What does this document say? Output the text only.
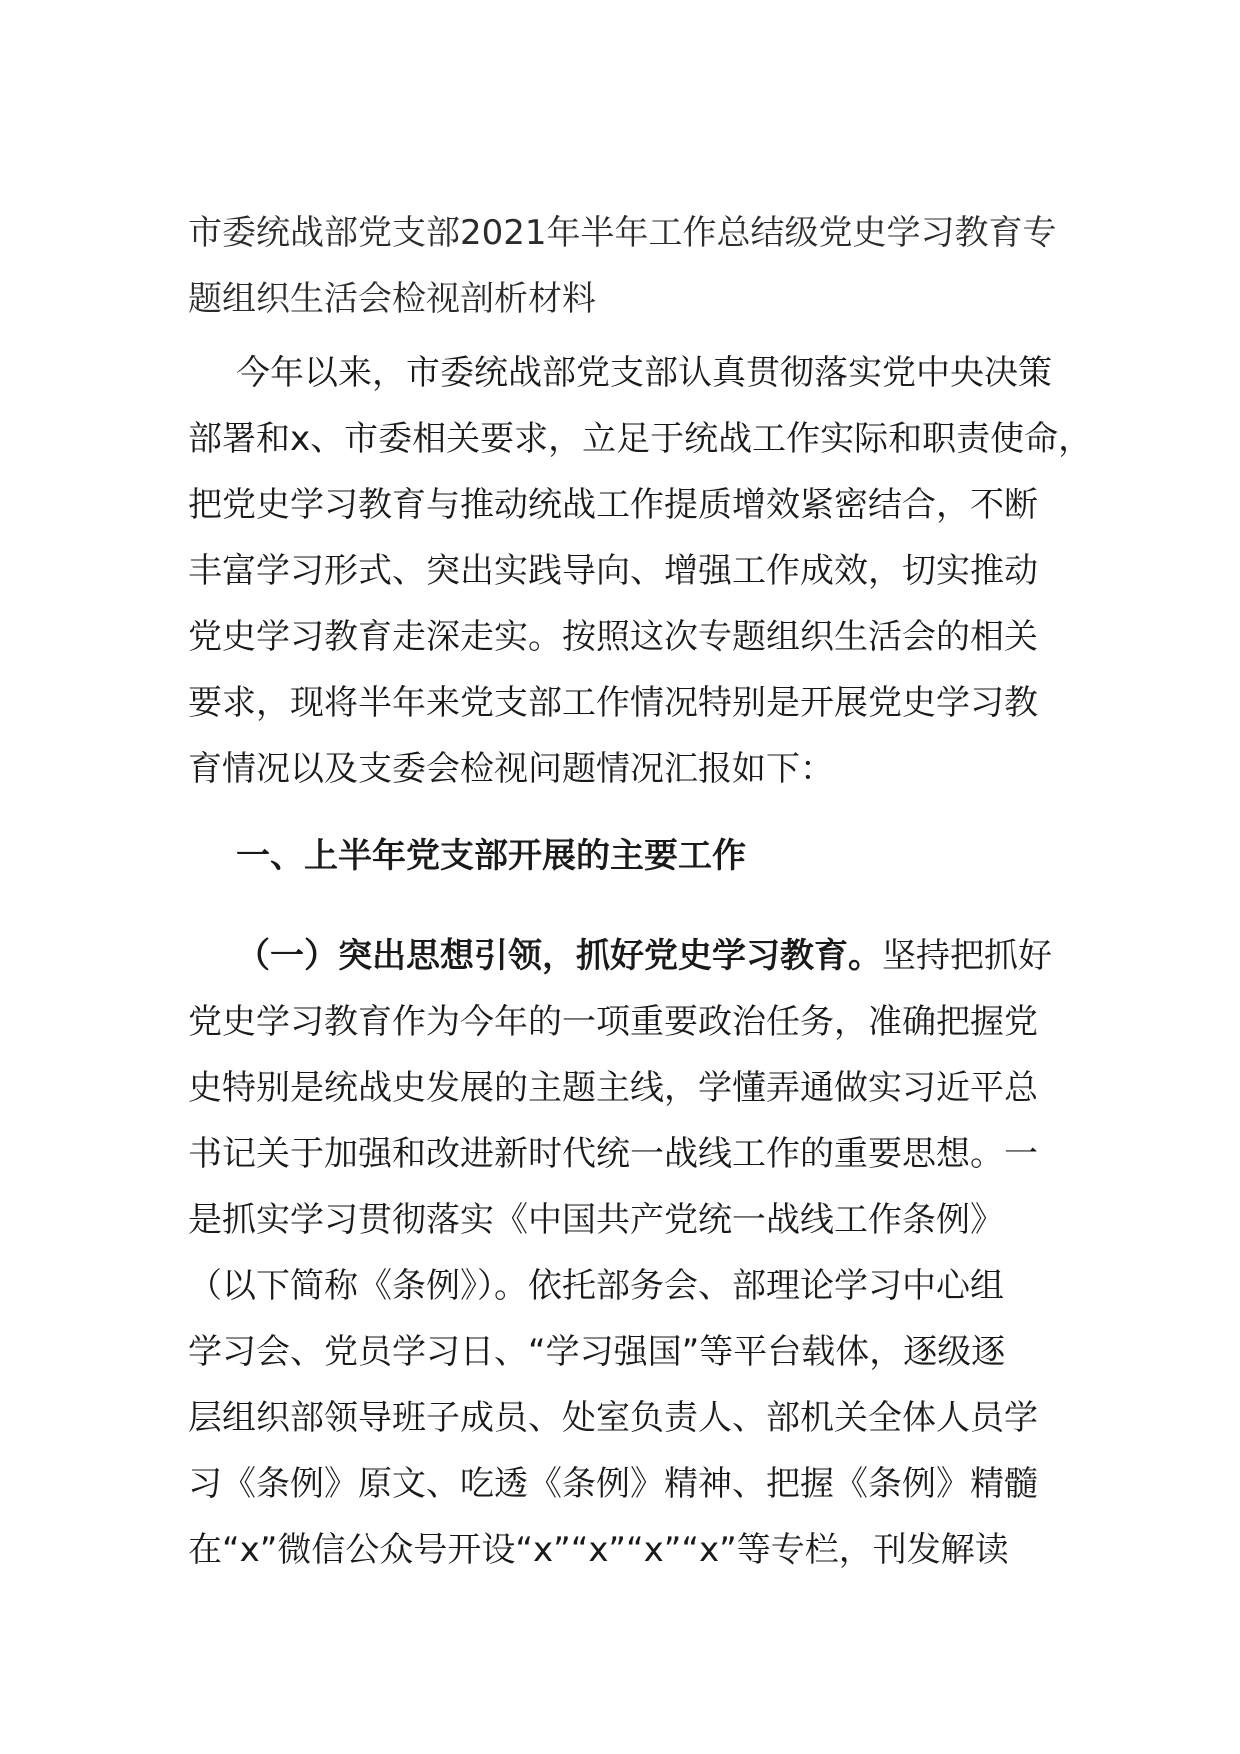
市委统战部党支部2021年半年工作总结级党史学习教育专
题组织生活会检视剖析材料
今年以来，市委统战部党支部认真贯彻落实党中央决策
部署和x、市委相关要求，立足于统战工作实际和职责使命，
把党史学习教育与推动统战工作提质增效紧密结合，不断
丰富学习形式、突出实践导向、增强工作成效，切实推动
党史学习教育走深走实。按照这次专题组织生活会的相关
要求，现将半年来党支部工作情况特别是开展党史学习教
育情况以及支委会检视问题情况汇报如下：
一、上半年党支部开展的主要工作
（一）突出思想引领，抓好党史学习教育。坚持把抓好
党史学习教育作为今年的一项重要政治任务，准确把握党
史特别是统战史发展的主题主线，学懂弄通做实习近平总
书记关于加强和改进新时代统一战线工作的重要思想。一
是抓实学习贯彻落实《中国共产党统一战线工作条例》
（以下简称《条例》）。依托部务会、部理论学习中心组
学习会、党员学习日、“学习强国”等平台载体，逐级逐
层组织部领导班子成员、处室负责人、部机关全体人员学
习《条例》原文、吃透《条例》精神、把握《条例》精髓
在“x”微信公众号开设“x”“x”“x”“x”等专栏，刊发解读
